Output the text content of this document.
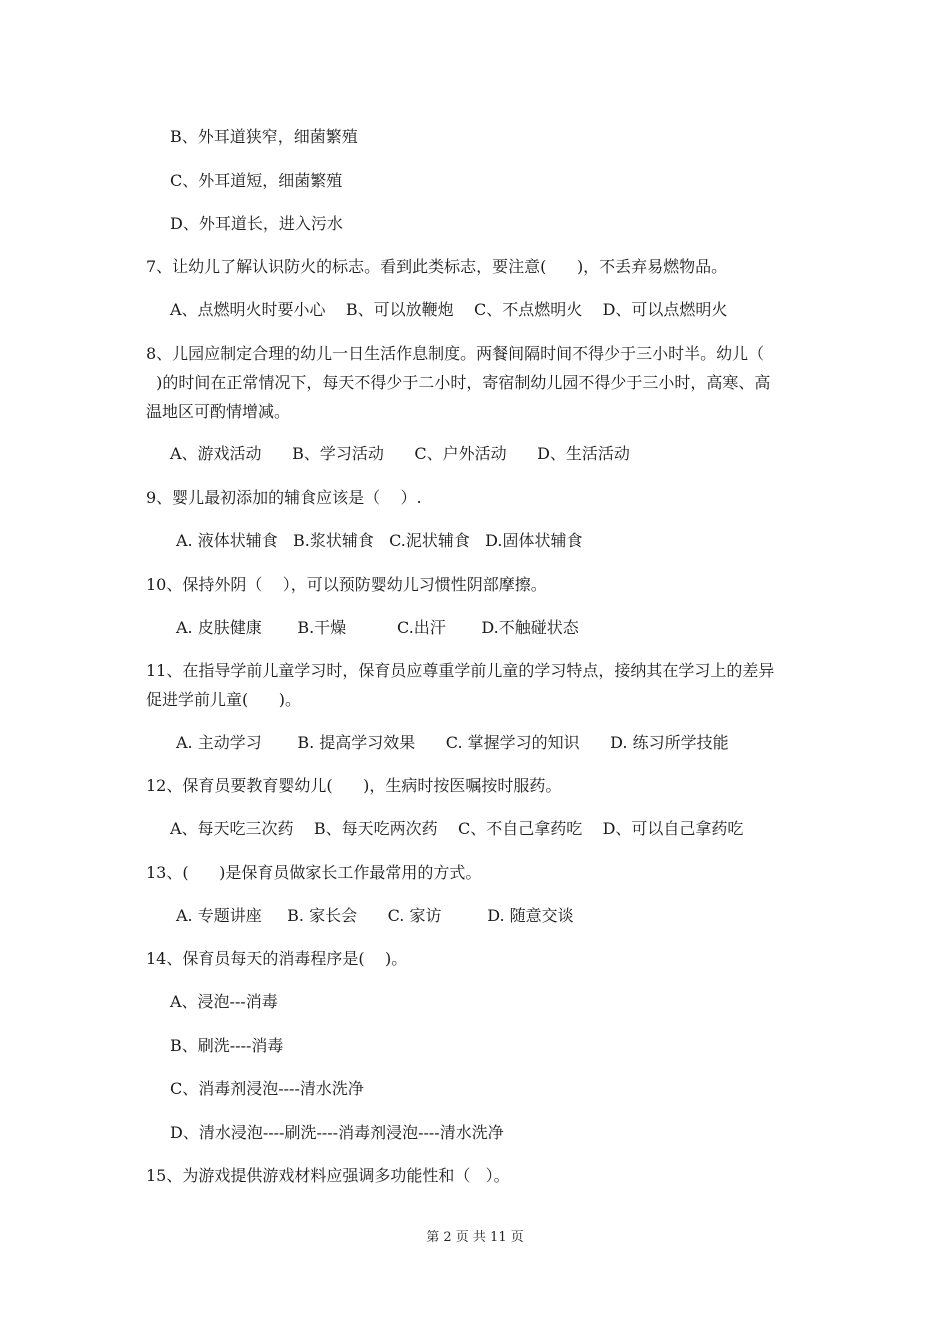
B、外耳道狭窄，细菌繁殖
C、外耳道短，细菌繁殖
D、外耳道长，进入污水
7、让幼儿了解认识防火的标志。看到此类标志，要注意(      )，不丢弃易燃物品。
A、点燃明火时要小心    B、可以放鞭炮    C、不点燃明火    D、可以点燃明火
8、儿园应制定合理的幼儿一日生活作息制度。两餐间隔时间不得少于三小时半。幼儿（
)的时间在正常情况下，每天不得少于二小时，寄宿制幼儿园不得少于三小时，高寒、高
温地区可酌情增减。
A、游戏活动      B、学习活动      C、户外活动      D、生活活动
9、婴儿最初添加的辅食应该是（    ）.
A. 液体状辅食   B.浆状辅食   C.泥状辅食   D.固体状辅食
10、保持外阴（    ），可以预防婴幼儿习惯性阴部摩擦。
A. 皮肤健康       B.干燥          C.出汗       D.不触碰状态
11、在指导学前儿童学习时，保育员应尊重学前儿童的学习特点，接纳其在学习上的差异
促进学前儿童(      )。
A. 主动学习       B. 提高学习效果      C. 掌握学习的知识      D. 练习所学技能
12、保育员要教育婴幼儿(      )，生病时按医嘱按时服药。
A、每天吃三次药    B、每天吃两次药    C、不自己拿药吃    D、可以自己拿药吃
13、(      )是保育员做家长工作最常用的方式。
A. 专题讲座     B. 家长会      C. 家访         D. 随意交谈
14、保育员每天的消毒程序是(    )。
A、浸泡---消毒
B、刷洗----消毒
C、消毒剂浸泡----清水洗净
D、清水浸泡----刷洗----消毒剂浸泡----清水洗净
15、为游戏提供游戏材料应强调多功能性和（   ）。
第 2 页 共 11 页
